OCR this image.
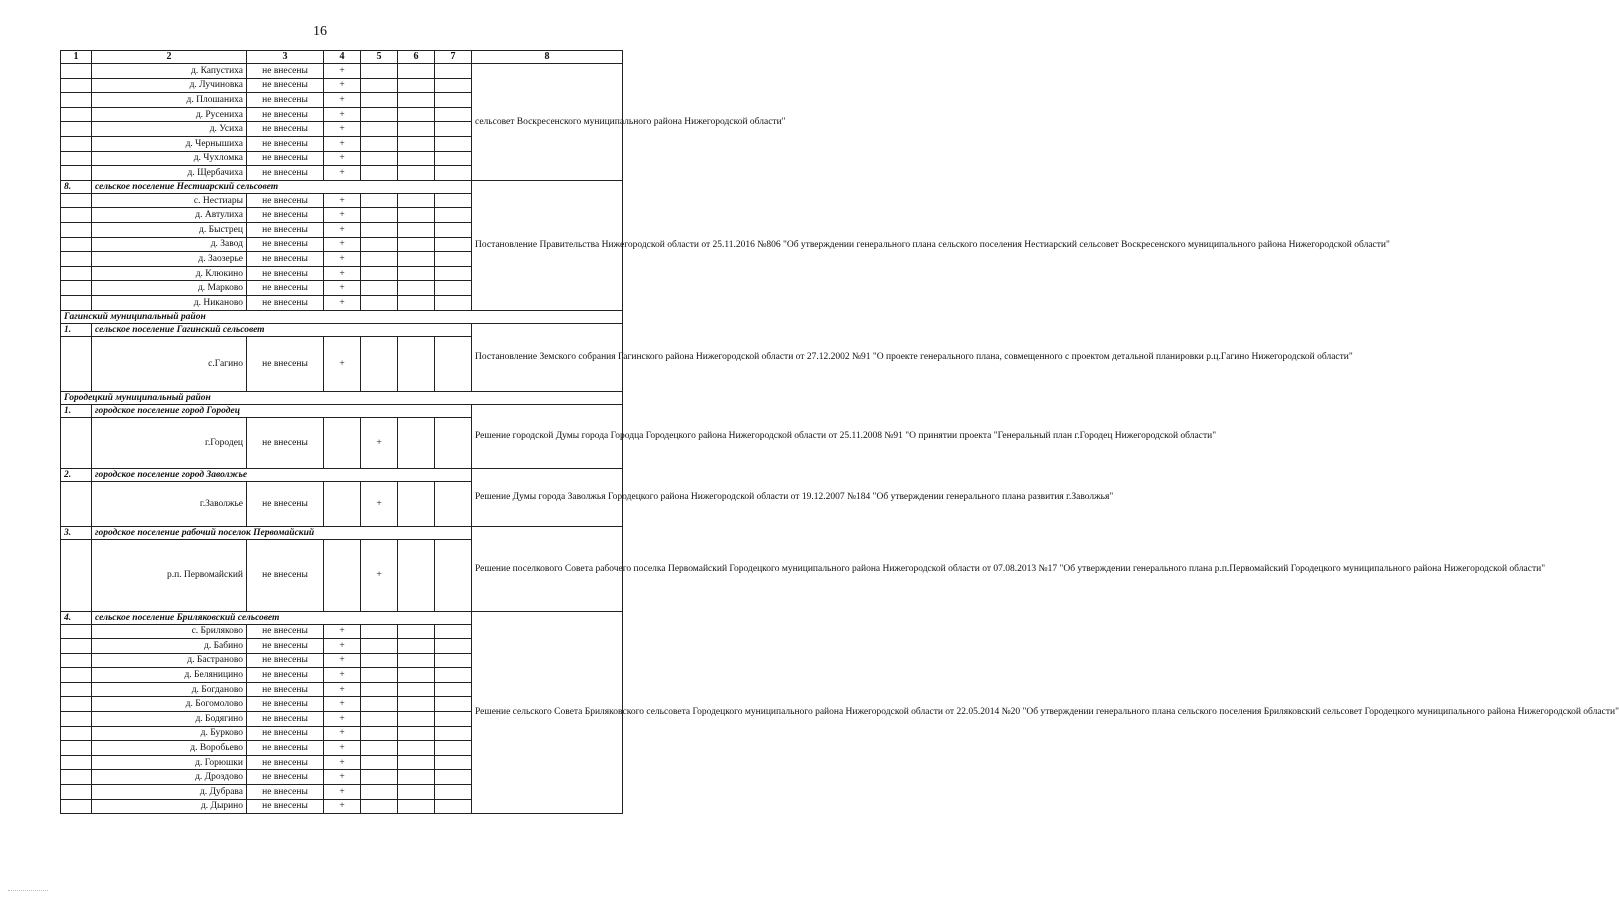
16
1	2	3	4	5	6	7	8
	д. Капустиха	не внесены	+				сельсовет Воскресенского муниципального района Нижегородской области"
	д. Лучиновка	не внесены	+				
	д. Плошаниха	не внесены	+				
	д. Русениха	не внесены	+				
	д. Усиха	не внесены	+				
	д. Чернышиха	не внесены	+				
	д. Чухломка	не внесены	+				
	д. Щербачиха	не внесены	+				
8.	сельское поселение Нестиарский сельсовет						Постановление Правительства Нижегородской области от 25.11.2016 №806 "Об утверждении генерального плана сельского поселения Нестиарский сельсовет Воскресенского муниципального района Нижегородской области"
	с. Нестиары	не внесены	+				
	д. Автулиха	не внесены	+				
	д. Быстрец	не внесены	+				
	д. Завод	не внесены	+				
	д. Заозерье	не внесены	+				
	д. Клюкино	не внесены	+				
	д. Марково	не внесены	+				
	д. Никаново	не внесены	+				
Гагинский муниципальный район							
1.	сельское поселение Гагинский сельсовет						Постановление Земского собрания Гагинского района Нижегородской области от 27.12.2002 №91 "О проекте генерального плана, совмещенного с проектом детальной планировки р.ц.Гагино Нижегородской области"
	с.Гагино	не внесены	+				
Городецкий муниципальный район							
1.	городское поселение город Городец						Решение городской Думы города Городца Городецкого района Нижегородской области от 25.11.2008 №91 "О принятии проекта "Генеральный план г.Городец Нижегородской области"
	г.Городец	не внесены		+			
2.	городское поселение город Заволжье						Решение Думы города Заволжья Городецкого района Нижегородской области от 19.12.2007 №184 "Об утверждении генерального плана развития г.Заволжья"
	г.Заволжье	не внесены		+			
3.	городское поселение рабочий поселок Первомайский						Решение поселкового Совета рабочего поселка Первомайский Городецкого муниципального района Нижегородской области от 07.08.2013 №17 "Об утверждении генерального плана р.п.Первомайский Городецкого муниципального района Нижегородской области"
	р.п. Первомайский	не внесены		+			
4.	сельское поселение Бриляковский сельсовет						Решение сельского Совета Бриляковского сельсовета Городецкого муниципального района Нижегородской области от 22.05.2014 №20 "Об утверждении генерального плана сельского поселения Бриляковский сельсовет Городецкого муниципального района Нижегородской области"
	с. Бриляково	не внесены	+				
	д. Бабино	не внесены	+				
	д. Бастраново	не внесены	+				
	д. Беляницино	не внесены	+				
	д. Богданово	не внесены	+				
	д. Богомолово	не внесены	+				
	д. Бодягино	не внесены	+				
	д. Бурково	не внесены	+				
	д. Воробьево	не внесены	+				
	д. Горюшки	не внесены	+				
	д. Дроздово	не внесены	+				
	д. Дубрава	не внесены	+				
	д. Дырино	не внесены	+				
